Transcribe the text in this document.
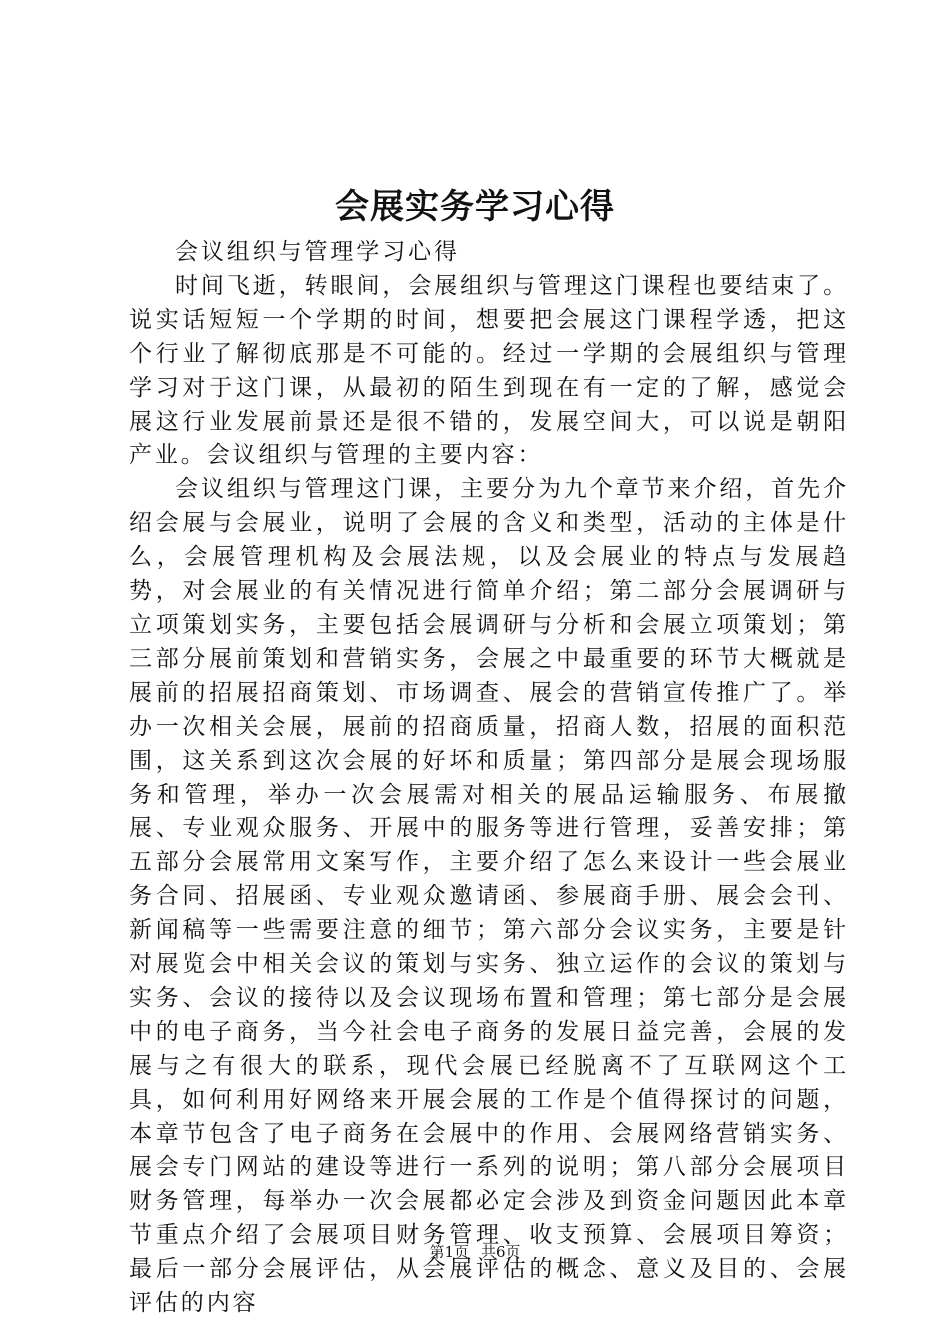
会展实务学习心得

会议组织与管理学习心得

时间飞逝，转眼间，会展组织与管理这门课程也要结束了。说实话短短一个学期的时间，想要把会展这门课程学透，把这个行业了解彻底那是不可能的。经过一学期的会展组织与管理学习对于这门课，从最初的陌生到现在有一定的了解，感觉会展这行业发展前景还是很不错的，发展空间大，可以说是朝阳产业。会议组织与管理的主要内容：

会议组织与管理这门课，主要分为九个章节来介绍，首先介绍会展与会展业，说明了会展的含义和类型，活动的主体是什么，会展管理机构及会展法规，以及会展业的特点与发展趋势，对会展业的有关情况进行简单介绍；第二部分会展调研与立项策划实务，主要包括会展调研与分析和会展立项策划；第三部分展前策划和营销实务，会展之中最重要的环节大概就是展前的招展招商策划、市场调查、展会的营销宣传推广了。举办一次相关会展，展前的招商质量，招商人数，招展的面积范围，这关系到这次会展的好坏和质量；第四部分是展会现场服务和管理，举办一次会展需对相关的展品运输服务、布展撤展、专业观众服务、开展中的服务等进行管理，妥善安排；第五部分会展常用文案写作，主要介绍了怎么来设计一些会展业务合同、招展函、专业观众邀请函、参展商手册、展会会刊、新闻稿等一些需要注意的细节；第六部分会议实务，主要是针对展览会中相关会议的策划与实务、独立运作的会议的策划与实务、会议的接待以及会议现场布置和管理；第七部分是会展中的电子商务，当今社会电子商务的发展日益完善，会展的发展与之有很大的联系，现代会展已经脱离不了互联网这个工具，如何利用好网络来开展会展的工作是个值得探讨的问题，本章节包含了电子商务在会展中的作用、会展网络营销实务、展会专门网站的建设等进行一系列的说明；第八部分会展项目财务管理，每举办一次会展都必定会涉及到资金问题因此本章节重点介绍了会展项目财务管理、收支预算、会展项目筹资；最后一部分会展评估，从会展评估的概念、意义及目的、会展评估的内容

第1页 共6页
